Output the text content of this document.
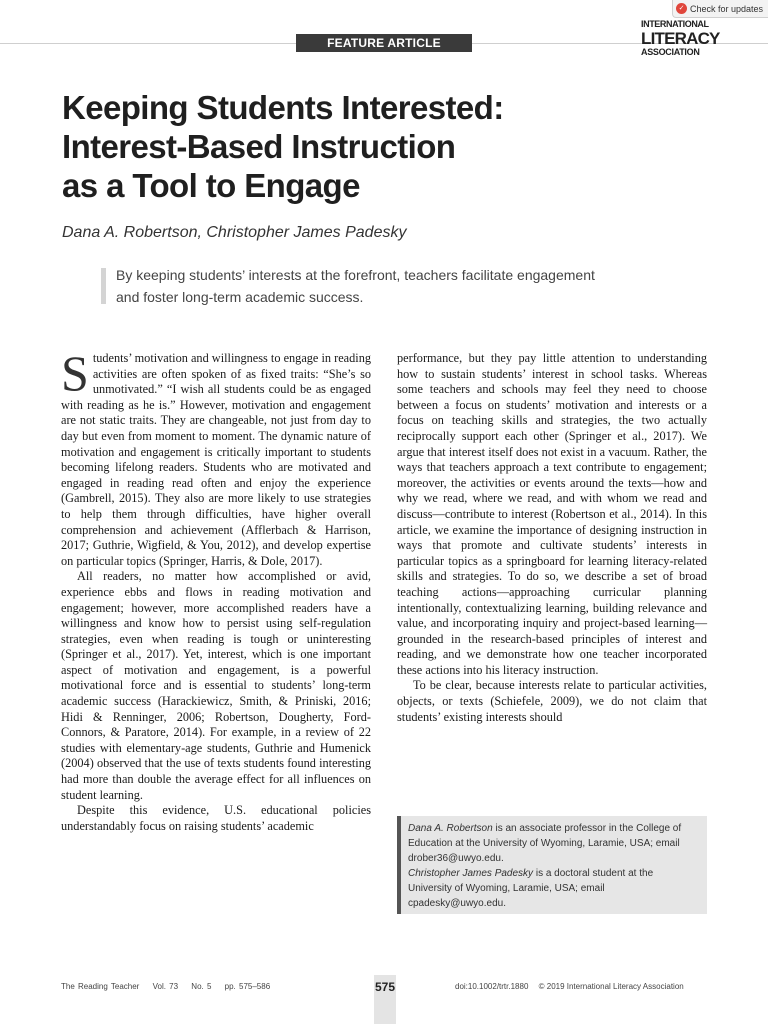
✓ Check for updates
FEATURE ARTICLE
INTERNATIONAL
LITERACY
ASSOCIATION
Keeping Students Interested:
Interest-Based Instruction
as a Tool to Engage
Dana A. Robertson, Christopher James Padesky
By keeping students’ interests at the forefront, teachers facilitate engagement
and foster long-term academic success.

Students’ motivation and willingness to engage in reading activities are often spoken of as fixed traits: “She’s so unmotivated.” “I wish all students could be as engaged with reading as he is.” However, motivation and engagement are not static traits. They are changeable, not just from day to day but even from moment to moment. The dynamic nature of motivation and engagement is critically important to students becoming lifelong readers. Students who are motivated and engaged in reading read often and enjoy the experience (Gambrell, 2015). They also are more likely to use strategies to help them through difficulties, have higher overall comprehension and achievement (Afflerbach & Harrison, 2017; Guthrie, Wigfield, & You, 2012), and develop expertise on particular topics (Springer, Harris, & Dole, 2017).

All readers, no matter how accomplished or avid, experience ebbs and flows in reading motivation and engagement; however, more accomplished readers have a willingness and know how to persist using self-regulation strategies, even when reading is tough or uninteresting (Springer et al., 2017). Yet, interest, which is one important aspect of motivation and engagement, is a powerful motivational force and is essential to students’ long-term academic success (Harackiewicz, Smith, & Priniski, 2016; Hidi & Renninger, 2006; Robertson, Dougherty, Ford-Connors, & Paratore, 2014). For example, in a review of 22 studies with elementary-age students, Guthrie and Humenick (2004) observed that the use of texts students found interesting had more than double the average effect for all influences on student learning.

Despite this evidence, U.S. educational policies understandably focus on raising students’ academic

performance, but they pay little attention to understanding how to sustain students’ interest in school tasks. Whereas some teachers and schools may feel they need to choose between a focus on students’ motivation and interests or a focus on teaching skills and strategies, the two actually reciprocally support each other (Springer et al., 2017). We argue that interest itself does not exist in a vacuum. Rather, the ways that teachers approach a text contribute to engagement; moreover, the activities or events around the texts—how and why we read, where we read, and with whom we read and discuss—contribute to interest (Robertson et al., 2014). In this article, we examine the importance of designing instruction in ways that promote and cultivate students’ interests in particular topics as a springboard for learning literacy-related skills and strategies. To do so, we describe a set of broad teaching actions—approaching curricular planning intentionally, contextualizing learning, building relevance and value, and incorporating inquiry and project-based learning—grounded in the research-based principles of interest and reading, and we demonstrate how one teacher incorporated these actions into his literacy instruction.

To be clear, because interests relate to particular activities, objects, or texts (Schiefele, 2009), we do not claim that students’ existing interests should

Dana A. Robertson is an associate professor in the College of Education at the University of Wyoming, Laramie, USA; email drober36@uwyo.edu.

Christopher James Padesky is a doctoral student at the University of Wyoming, Laramie, USA; email cpadesky@uwyo.edu.

The Reading Teacher Vol. 73 No. 5 pp. 575–586	575	doi:10.1002/trtr.1880 © 2019 International Literacy Association
